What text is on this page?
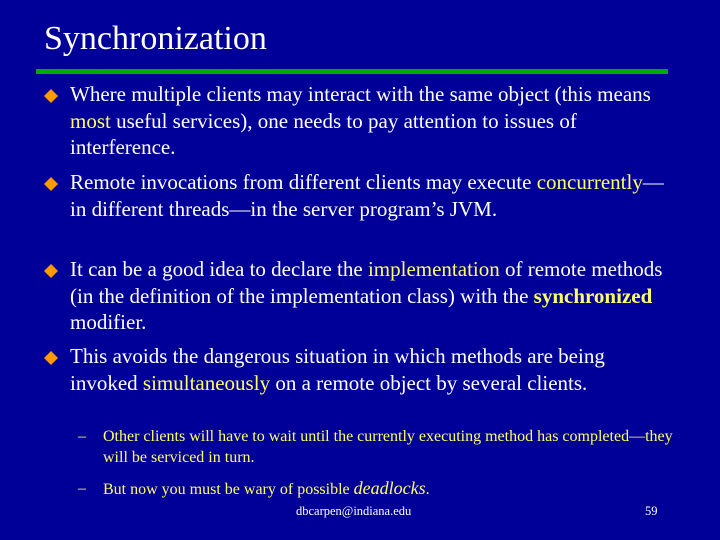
Synchronization
Where multiple clients may interact with the same object (this means most useful services), one needs to pay attention to issues of interference.
Remote invocations from different clients may execute concurrently—in different threads—in the server program’s JVM.
It can be a good idea to declare the implementation of remote methods (in the definition of the implementation class) with the synchronized modifier.
This avoids the dangerous situation in which methods are being invoked simultaneously on a remote object by several clients.
– Other clients will have to wait until the currently executing method has completed—they will be serviced in turn.
– But now you must be wary of possible deadlocks.
dbcarpen@indiana.edu	59
